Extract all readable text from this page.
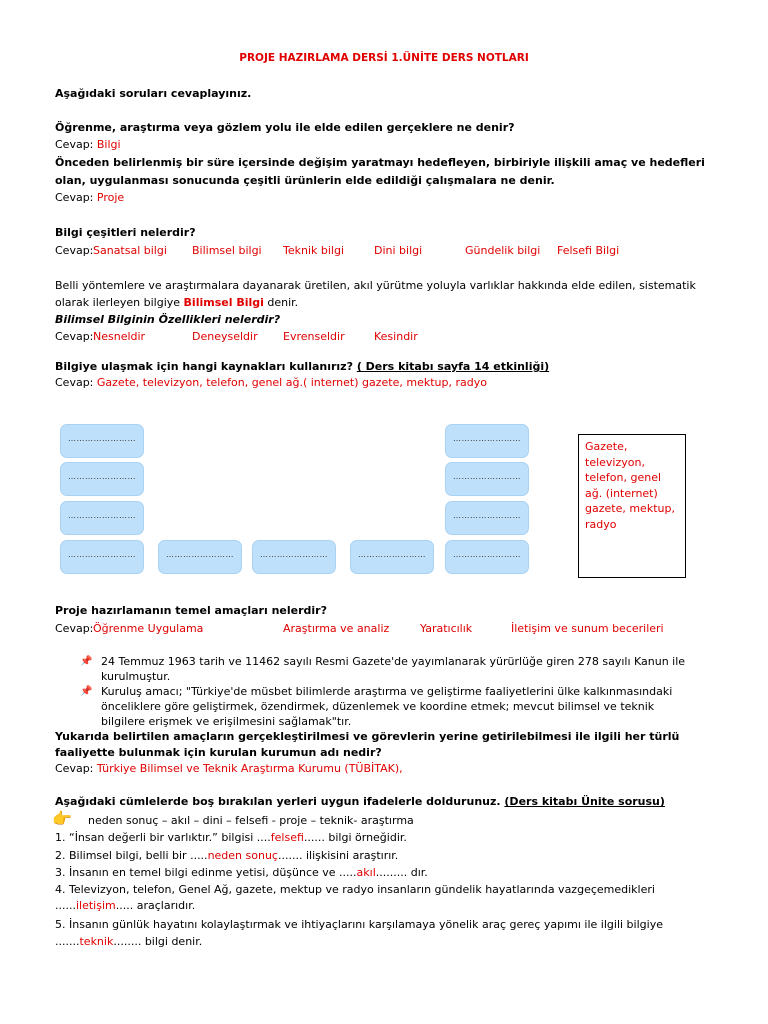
PROJE HAZIRLAMA DERSİ 1.ÜNİTE DERS NOTLARI
Aşağıdaki soruları cevaplayınız.
Öğrenme, araştırma veya gözlem yolu ile elde edilen gerçeklere ne denir?
Cevap: Bilgi
Önceden belirlenmiş bir süre içersinde değişim yaratmayı hedefleyen, birbiriyle ilişkili amaç ve hedefleri
olan, uygulanması sonucunda çeşitli ürünlerin elde edildiği çalışmalara ne denir.
Cevap: Proje
Bilgi çeşitleri nelerdir?
Cevap: Sanatsal bilgi Bilimsel bilgi Teknik bilgi	Dini bilgi	Gündelik bilgi Felsefi Bilgi
Belli yöntemlere ve araştırmalara dayanarak üretilen, akıl yürütme yoluyla varlıklar hakkında elde edilen, sistematik
olarak ilerleyen bilgiye Bilimsel Bilgi denir.
Bilimsel Bilginin Özellikleri nelerdir?
Cevap: Nesneldir	Deneyseldir Evrenseldir	Kesindir
Bilgiye ulaşmak için hangi kaynakları kullanırız? ( Ders kitabı sayfa 14 etkinliği)
Cevap: Gazete, televizyon, telefon, genel ağ.( internet) gazete, mektup, radyo
……………………
……………………
……………………
……………………	……………………	……………………	……………………
……………………
……………………
……………………
……………………
Gazete, televizyon, telefon, genel ağ. (internet) gazete, mektup, radyo
Proje hazırlamanın temel amaçları nelerdir?
Cevap: Öğrenme Uygulama	Araştırma ve analiz	Yaratıcılık	İletişim ve sunum becerileri
📌 24 Temmuz 1963 tarih ve 11462 sayılı Resmi Gazete'de yayımlanarak yürürlüğe giren 278 sayılı Kanun ile kurulmuştur.
📌 Kuruluş amacı; "Türkiye'de müsbet bilimlerde araştırma ve geliştirme faaliyetlerini ülke kalkınmasındaki önceliklere göre geliştirmek, özendirmek, düzenlemek ve koordine etmek; mevcut bilimsel ve teknik bilgilere erişmek ve erişilmesini sağlamak"tır.
Yukarıda belirtilen amaçların gerçekleştirilmesi ve görevlerin yerine getirilebilmesi ile ilgili her türlü
faaliyette bulunmak için kurulan kurumun adı nedir?
Cevap: Türkiye Bilimsel ve Teknik Araştırma Kurumu (TÜBİTAK),
Aşağıdaki cümlelerde boş bırakılan yerleri uygun ifadelerle doldurunuz. (Ders kitabı Ünite sorusu)
👉 neden sonuç – akıl – dini – felsefi - proje – teknik- araştırma
1. “İnsan değerli bir varlıktır.” bilgisi ....felsefi...... bilgi örneğidir.
2. Bilimsel bilgi, belli bir .....neden sonuç....... ilişkisini araştırır.
3. İnsanın en temel bilgi edinme yetisi, düşünce ve .....akıl......... dır.
4. Televizyon, telefon, Genel Ağ, gazete, mektup ve radyo insanların gündelik hayatlarında vazgeçemedikleri
......iletişim..... araçlarıdır.
5. İnsanın günlük hayatını kolaylaştırmak ve ihtiyaçlarını karşılamaya yönelik araç gereç yapımı ile ilgili bilgiye
.......teknik........ bilgi denir.
